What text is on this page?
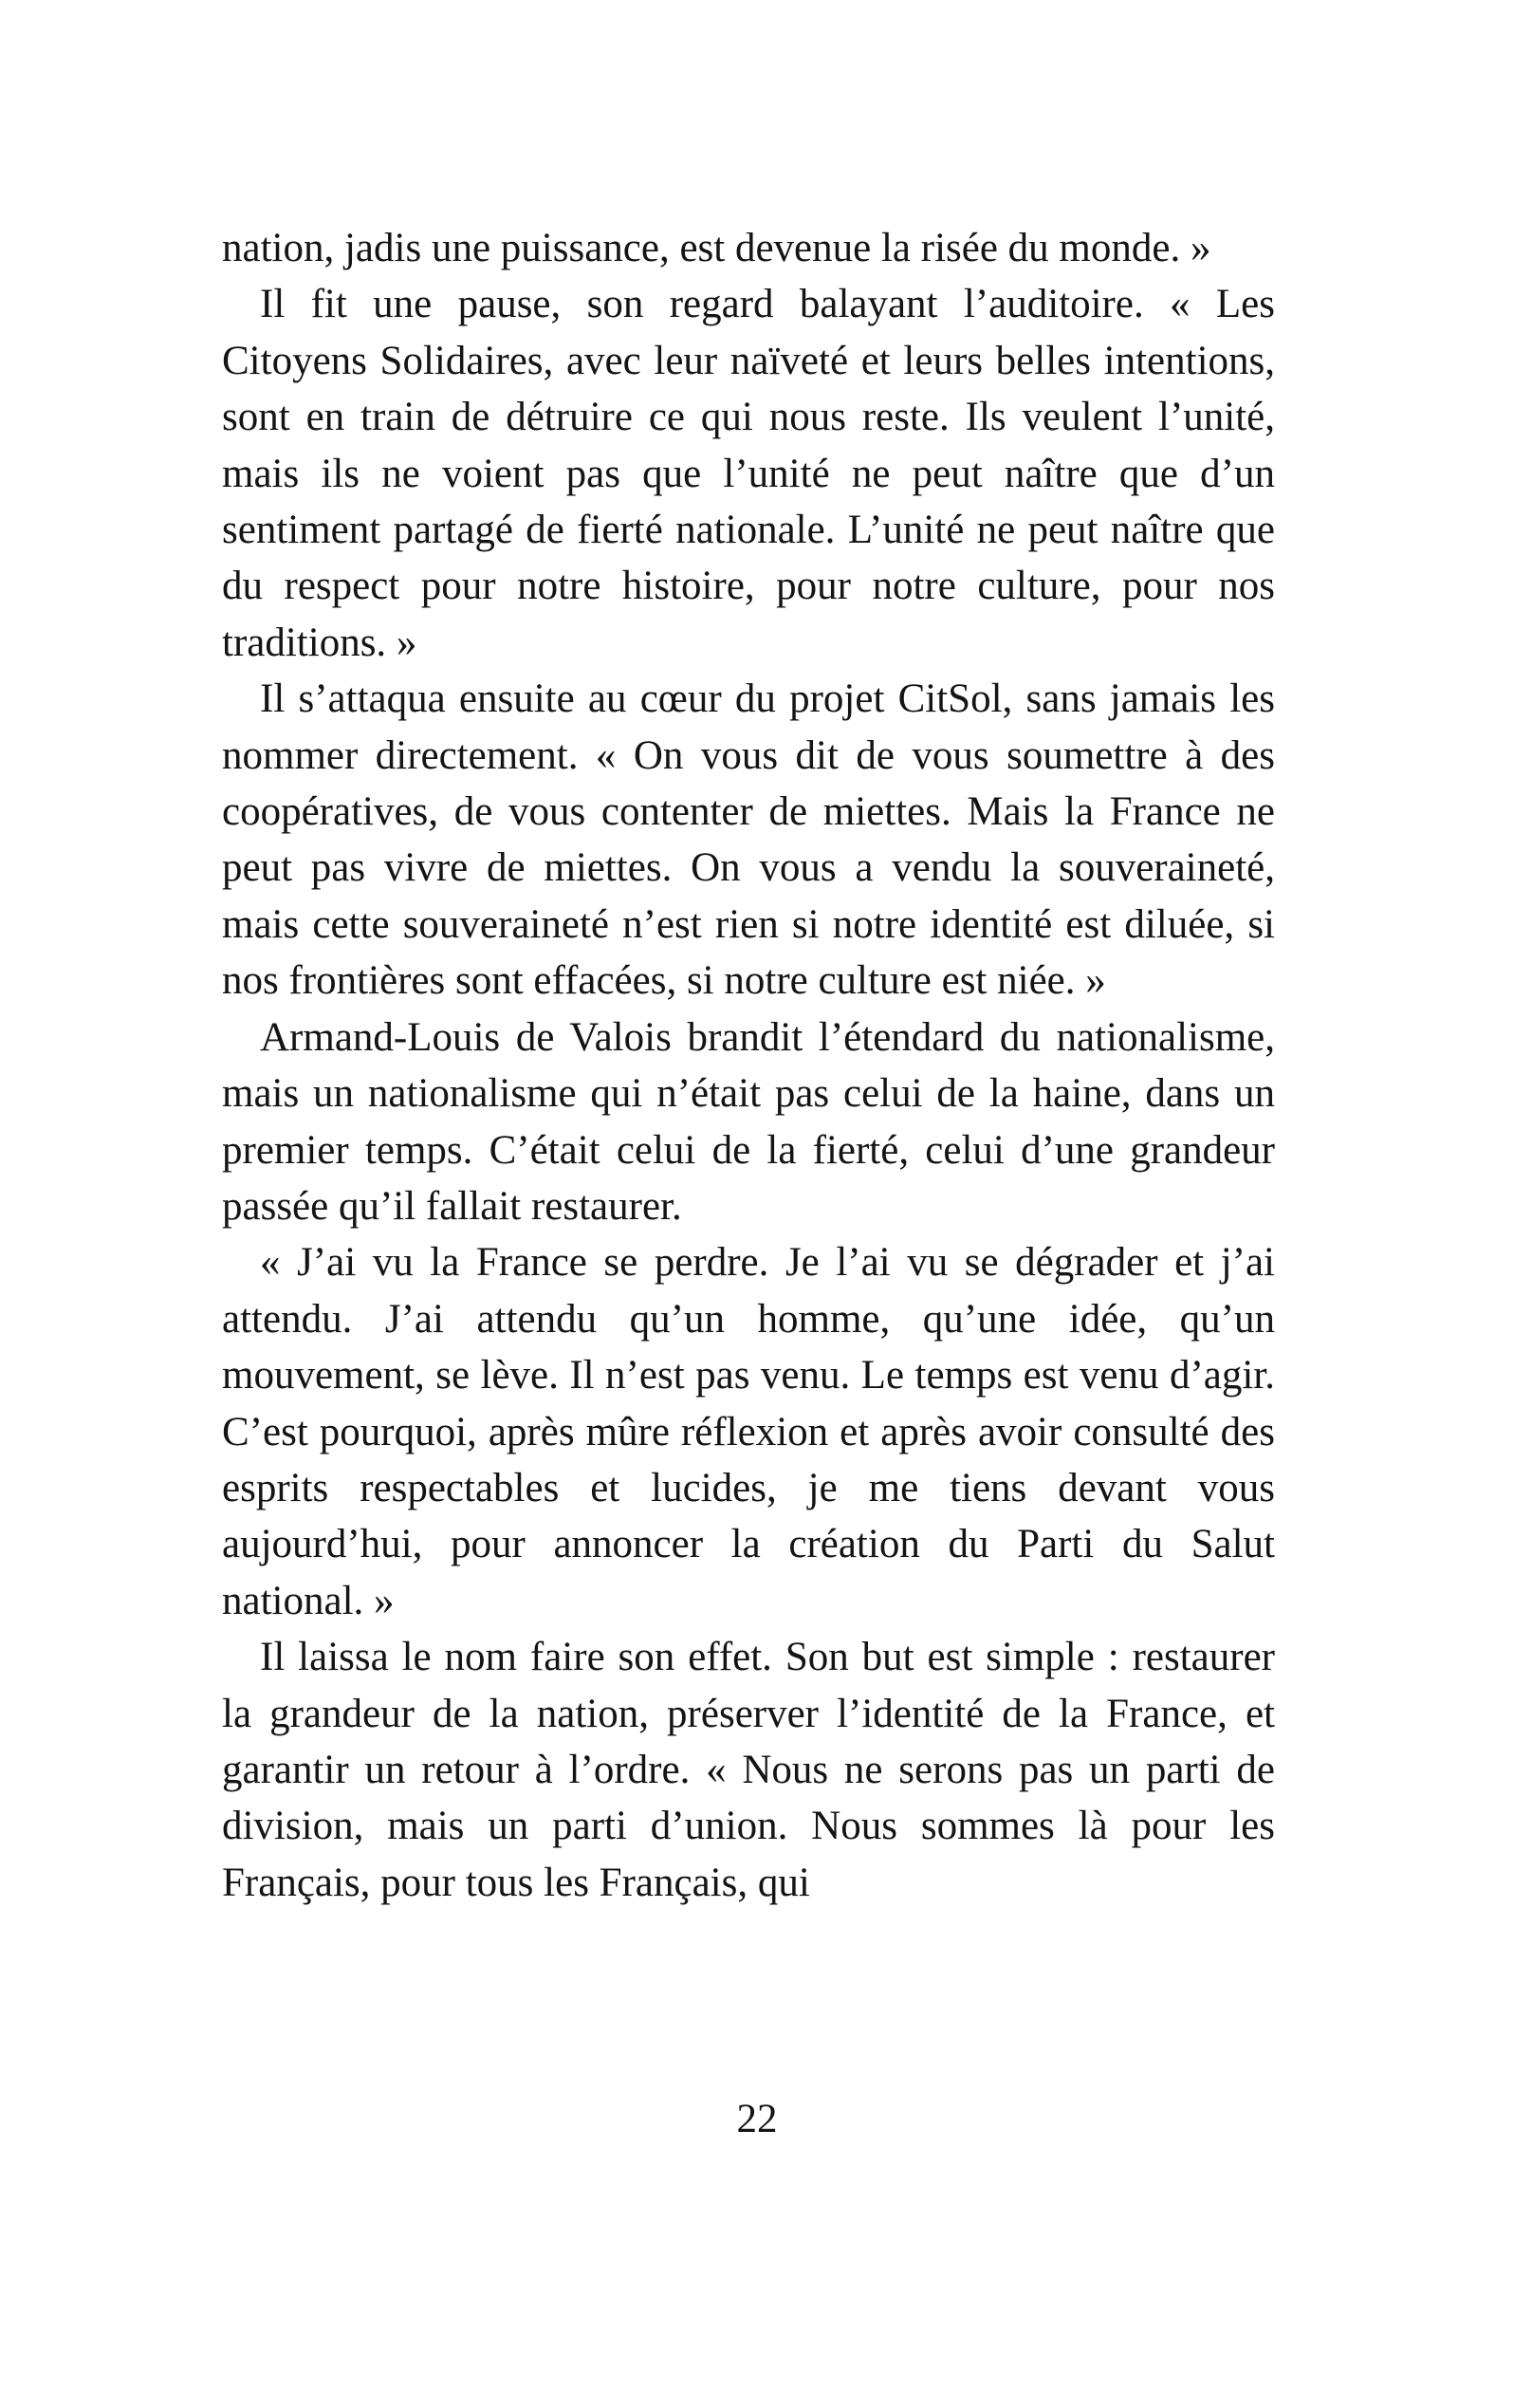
nation, jadis une puissance, est devenue la risée du monde. »

Il fit une pause, son regard balayant l’auditoire. « Les Citoyens Solidaires, avec leur naïveté et leurs belles intentions, sont en train de détruire ce qui nous reste. Ils veulent l’unité, mais ils ne voient pas que l’unité ne peut naître que d’un sentiment partagé de fierté nationale. L’unité ne peut naître que du respect pour notre histoire, pour notre culture, pour nos traditions. »

Il s’attaqua ensuite au cœur du projet CitSol, sans jamais les nommer directement. « On vous dit de vous soumettre à des coopératives, de vous contenter de miettes. Mais la France ne peut pas vivre de miettes. On vous a vendu la souveraineté, mais cette souveraineté n’est rien si notre identité est diluée, si nos frontières sont effacées, si notre culture est niée. »

Armand-Louis de Valois brandit l’étendard du nationalisme, mais un nationalisme qui n’était pas celui de la haine, dans un premier temps. C’était celui de la fierté, celui d’une grandeur passée qu’il fallait restaurer.

« J’ai vu la France se perdre. Je l’ai vu se dégrader et j’ai attendu. J’ai attendu qu’un homme, qu’une idée, qu’un mouvement, se lève. Il n’est pas venu. Le temps est venu d’agir. C’est pourquoi, après mûre réflexion et après avoir consulté des esprits respectables et lucides, je me tiens devant vous aujourd’hui, pour annoncer la création du Parti du Salut national. »

Il laissa le nom faire son effet. Son but est simple : restaurer la grandeur de la nation, préserver l’identité de la France, et garantir un retour à l’ordre. « Nous ne serons pas un parti de division, mais un parti d’union. Nous sommes là pour les Français, pour tous les Français, qui

22
